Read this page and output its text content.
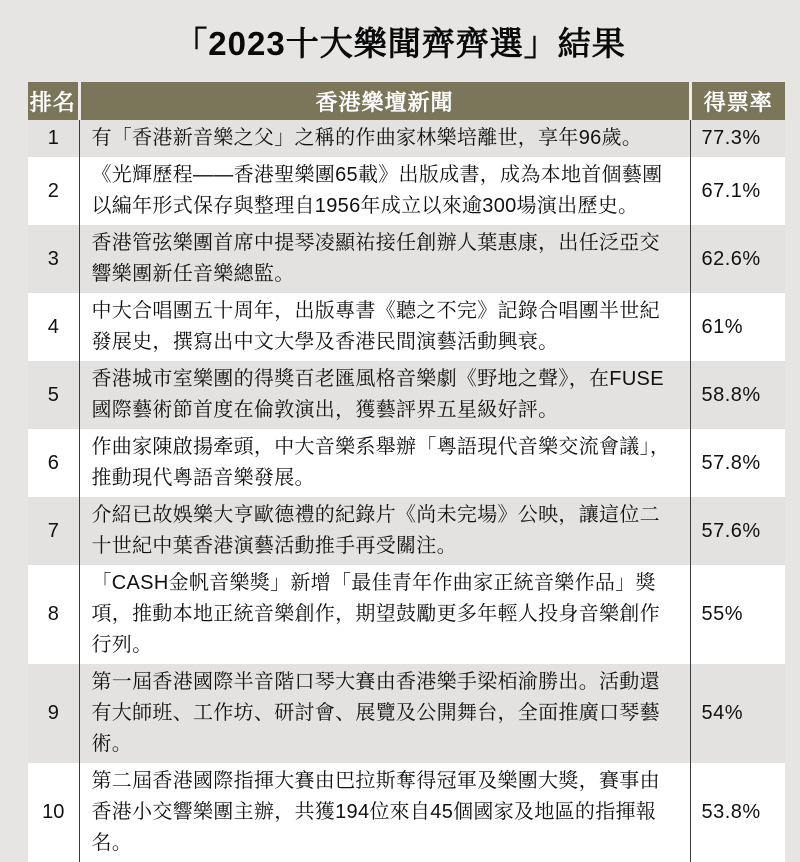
「2023十大樂聞齊齊選」結果
排名	香港樂壇新聞	得票率
1	有「香港新音樂之父」之稱的作曲家林樂培離世，享年96歲。	77.3%
2	《光輝歷程——香港聖樂團65載》出版成書，成為本地首個藝團以編年形式保存與整理自1956年成立以來逾300場演出歷史。	67.1%
3	香港管弦樂團首席中提琴凌顯祐接任創辦人葉惠康，出任泛亞交響樂團新任音樂總監。	62.6%
4	中大合唱團五十周年，出版專書《聽之不完》記錄合唱團半世紀發展史，撰寫出中文大學及香港民間演藝活動興衰。	61%
5	香港城市室樂團的得獎百老匯風格音樂劇《野地之聲》，在FUSE國際藝術節首度在倫敦演出，獲藝評界五星級好評。	58.8%
6	作曲家陳啟揚牽頭，中大音樂系舉辦「粵語現代音樂交流會議」，推動現代粵語音樂發展。	57.8%
7	介紹已故娛樂大亨歐德禮的紀錄片《尚未完場》公映，讓這位二十世紀中葉香港演藝活動推手再受關注。	57.6%
8	「CASH金帆音樂獎」新增「最佳青年作曲家正統音樂作品」獎項，推動本地正統音樂創作，期望鼓勵更多年輕人投身音樂創作行列。	55%
9	第一屆香港國際半音階口琴大賽由香港樂手梁栢渝勝出。活動還有大師班、工作坊、研討會、展覽及公開舞台，全面推廣口琴藝術。	54%
10	第二屆香港國際指揮大賽由巴拉斯奪得冠軍及樂團大獎，賽事由香港小交響樂團主辦，共獲194位來自45個國家及地區的指揮報名。	53.8%
